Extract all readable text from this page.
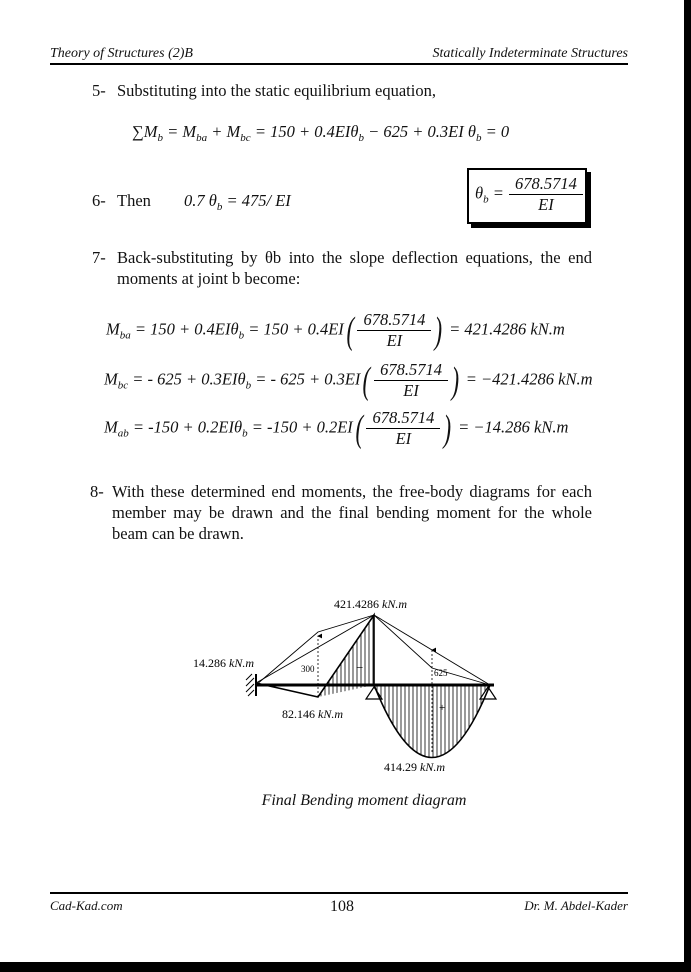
Theory of Structures (2)B	Statically Indeterminate Structures
5- Substituting into the static equilibrium equation,
$\sum M_b = M_{ba} + M_{bc} = 150 + 0.4EI\theta_b - 625 + 0.3EI$ $\theta_b = 0$
6- Then 0.7 $\theta_b = 475/$ EI	$\theta_b = \frac{678.5714}{EI}$
7- Back-substituting by θb into the slope deflection equations, the end moments at joint b become:
$M_{ba} = 150 + 0.4EI\theta_b = 150 + 0.4EI( \frac{678.5714}{EI}$ ) = 421.4286 kN.m
$M_{bc}$ = - 625 + 0.3EIθ$_b$ = - $625 + 0.3EI( \frac{678.5714}{EI}$ ) = −421.4286 kN.m
$M_{ab} = -150 + 0.2EI\theta_b = -150 + 0.2EI( \frac{678.5714}{EI}$ ) = −14.286 kN.m
8- With these determined end moments, the free-body diagrams for each member may be drawn and the final bending moment for the whole beam can be drawn.
421.4286 kN.m
14.286 kN.m
82.146 kN.m
414.29 kN.m
300	625
−
+
Final Bending moment diagram
Cad-Kad.com	108	Dr. M. Abdel-Kader
